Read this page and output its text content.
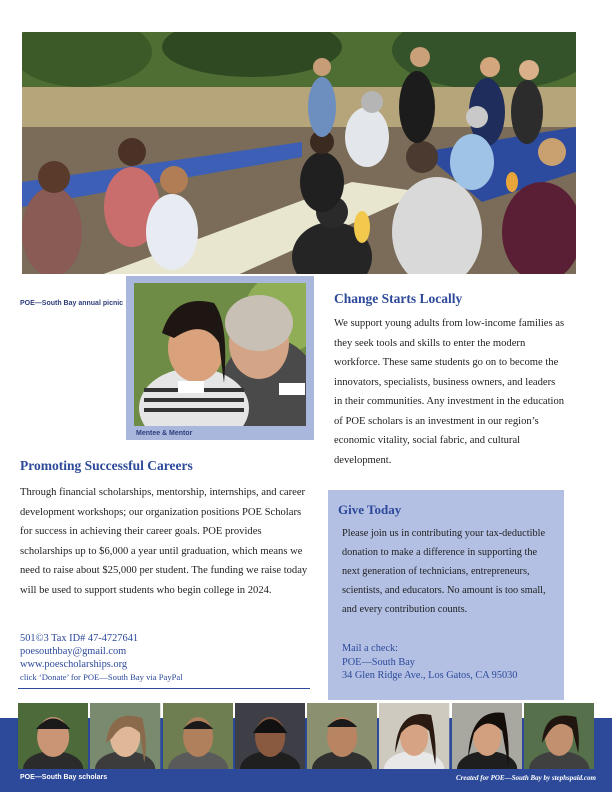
POE—South Bay annual picnic
Mentee & Mentor
Change Starts Locally
We support young adults from low-income families as they seek tools and skills to enter the modern workforce. These same students go on to become the innovators, specialists, business owners, and leaders in their communities. Any investment in the education of POE scholars is an investment in our region’s economic vitality, social fabric, and cultural development.
Promoting Successful Careers
Through financial scholarships, mentorship, internships, and career development workshops; our organization positions POE Scholars for success in achieving their career goals. POE provides scholarships up to $6,000 a year until graduation, which means we need to raise about $25,000 per student. The funding we raise today will be used to support students who begin college in 2024.
501©3 Tax ID# 47-4727641
poesouthbay@gmail.com
www.poescholarships.org
click ‘Donate’ for POE—South Bay via PayPal
Give Today
Please join us in contributing your tax-deductible donation to make a difference in supporting the next generation of technicians, entrepreneurs, scientists, and educators. No amount is too small, and every contribution counts.
Mail a check:
POE—South Bay
34 Glen Ridge Ave., Los Gatos, CA 95030
POE—South Bay scholars	Created for POE—South Bay by stephspaid.com
